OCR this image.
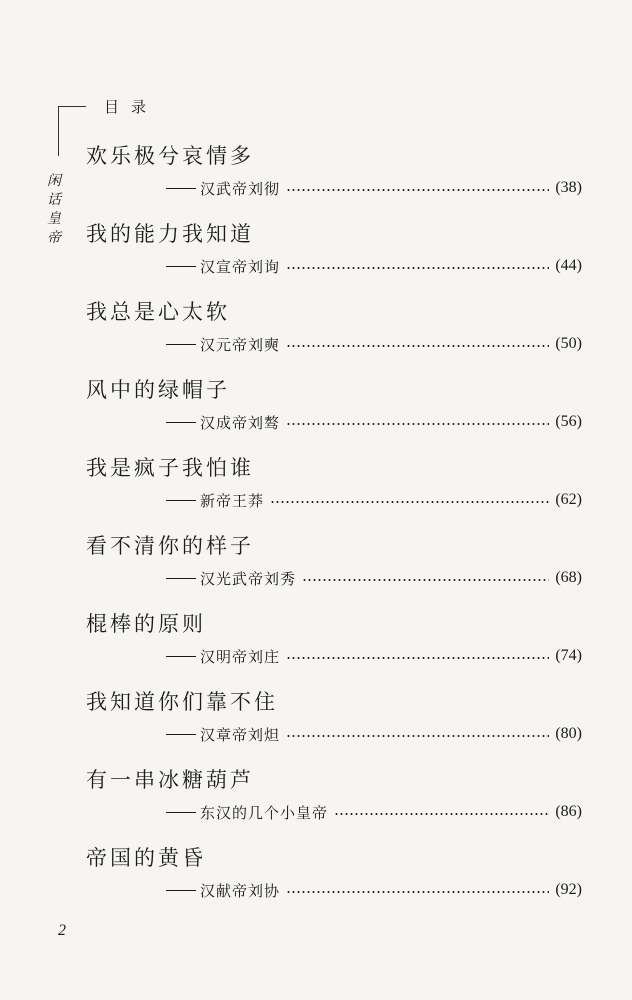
目录
闲
话
皇
帝
欢乐极兮哀情多
汉武帝刘彻	(38)
我的能力我知道
汉宣帝刘询	(44)
我总是心太软
汉元帝刘奭	(50)
风中的绿帽子
汉成帝刘骜	(56)
我是疯子我怕谁
新帝王莽	(62)
看不清你的样子
汉光武帝刘秀	(68)
棍棒的原则
汉明帝刘庄	(74)
我知道你们靠不住
汉章帝刘炟	(80)
有一串冰糖葫芦
东汉的几个小皇帝	(86)
帝国的黄昏
汉献帝刘协	(92)
2
